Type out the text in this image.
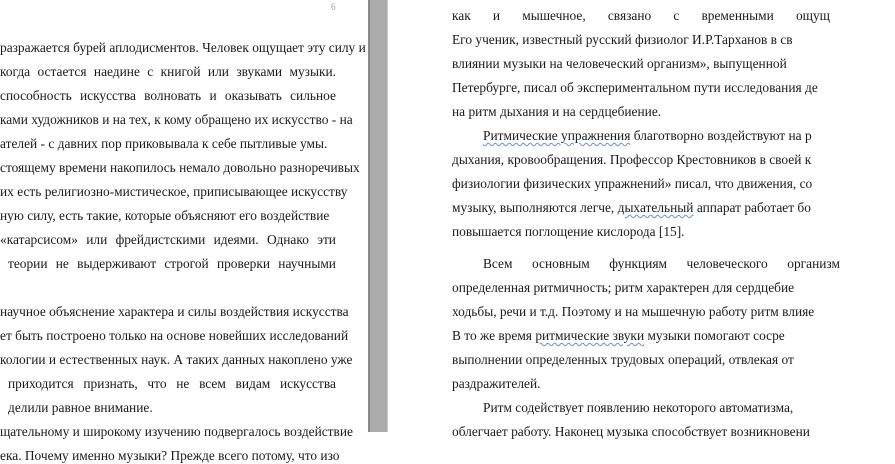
6
разражается бурей аплодисментов. Человек ощущает эту силу и
когда остается наедине с книгой или звуками музыки.
способность искусства волновать и оказывать сильное
ками художников и на тех, к кому обращено их искусство - на
ателей - с давних пор приковывала к себе пытливые умы.
стоящему времени накопилось немало довольно разноречивых
их есть религиозно-мистическое, приписывающее искусству
ную силу, есть такие, которые объясняют его воздействие
«катарсисом» или фрейдистскими идеями. Однако эти
теории не выдерживают строгой проверки научными
научное объяснение характера и силы воздействия искусства
ет быть построено только на основе новейших исследований
кологии и естественных наук. А таких данных накоплено уже
приходится признать, что не всем видам искусства
делили равное внимание.
щательному и широкому изучению подвергалось воздействие
ека. Почему именно музыки? Прежде всего потому, что изо
как и мышечное, связано с временными ощущ
Его ученик, известный русский физиолог И.Р.Тарханов в св
влиянии музыки на человеческий организм», выпущенной
Петербурге, писал об экспериментальном пути исследования де
на ритм дыхания и на сердцебиение.
Ритмические упражнения благотворно воздействуют на р
дыхания, кровообращения. Профессор Крестовников в своей к
физиологии физических упражнений» писал, что движения, со
музыку, выполняются легче, дыхательный аппарат работает бо
повышается поглощение кислорода [15].
Всем основным функциям человеческого организм
определенная ритмичность; ритм характерен для сердцебие
ходьбы, речи и т.д. Поэтому и на мышечную работу ритм влияе
В то же время ритмические звуки музыки помогают сосре
выполнении определенных трудовых операций, отвлекая от
раздражителей.
Ритм содействует появлению некоторого автоматизма,
облегчает работу. Наконец музыка способствует возникновени
